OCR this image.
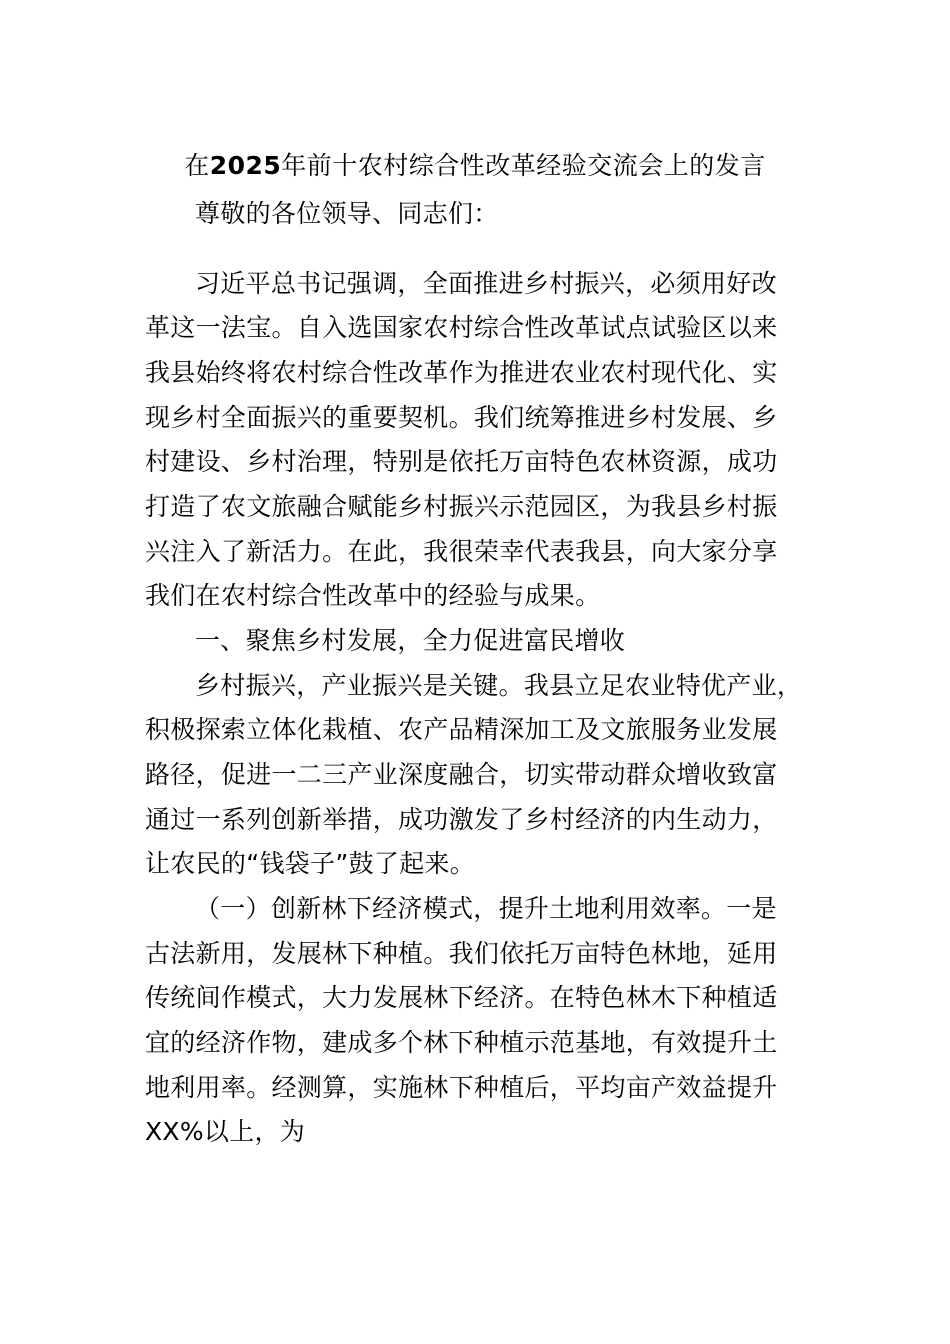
在2025年前十农村综合性改革经验交流会上的发言
尊敬的各位领导、同志们：
习近平总书记强调，全面推进乡村振兴，必须用好改
革这一法宝。自入选国家农村综合性改革试点试验区以来
我县始终将农村综合性改革作为推进农业农村现代化、实
现乡村全面振兴的重要契机。我们统筹推进乡村发展、乡
村建设、乡村治理，特别是依托万亩特色农林资源，成功
打造了农文旅融合赋能乡村振兴示范园区，为我县乡村振
兴注入了新活力。在此，我很荣幸代表我县，向大家分享
我们在农村综合性改革中的经验与成果。
一、聚焦乡村发展，全力促进富民增收
乡村振兴，产业振兴是关键。我县立足农业特优产业，
积极探索立体化栽植、农产品精深加工及文旅服务业发展
路径，促进一二三产业深度融合，切实带动群众增收致富
通过一系列创新举措，成功激发了乡村经济的内生动力，
让农民的“钱袋子”鼓了起来。
（一）创新林下经济模式，提升土地利用效率。一是
古法新用，发展林下种植。我们依托万亩特色林地，延用
传统间作模式，大力发展林下经济。在特色林木下种植适
宜的经济作物，建成多个林下种植示范基地，有效提升土
地利用率。经测算，实施林下种植后，平均亩产效益提升
XX%以上，为
